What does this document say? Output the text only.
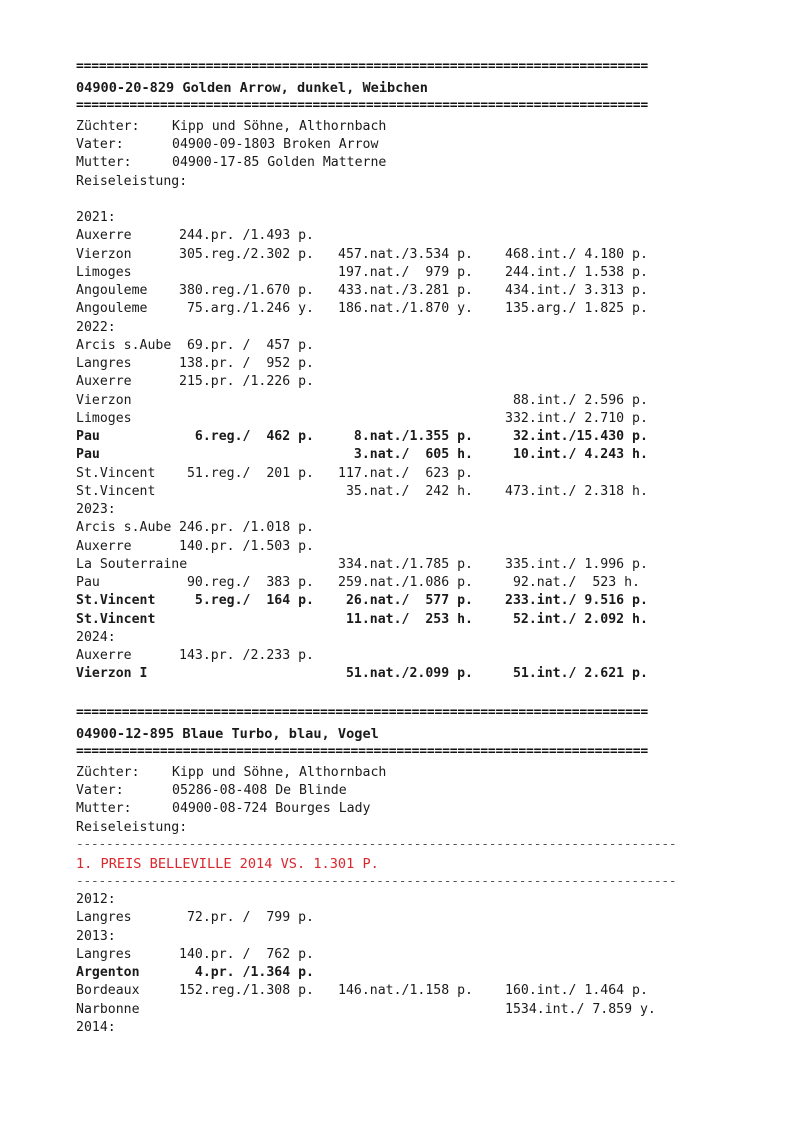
===========================================================================
04900-20-829 Golden Arrow, dunkel, Weibchen
===========================================================================

Züchter:

Kipp und Söhne, Althornbach

Vater:

	04900-09-1803 Broken Arrow

Mutter:

	04900-17-85 Golden Matterne

Reiseleistung:
2021:
Auxerre	244.pr. /1.493 p.
Vierzon	305.reg./2.302 p. 457.nat./3.534 p. 468.int./ 4.180 p.
Limoges	197.nat./  979 p. 244.int./ 1.538 p.
Angouleme 380.reg./1.670 p. 433.nat./3.281 p. 434.int./ 3.313 p.
Angouleme 75.arg./1.246 y. 186.nat./1.870 y. 135.arg./ 1.825 p.
2022:
Arcis s.Aube 69.pr. /  457 p.
Langres	138.pr. /  952 p.
Auxerre	215.pr. /1.226 p.
Vierzon	88.int./ 2.596 p.
Limoges	332.int./ 2.710 p.
Pau	6.reg./  462 p. 8.nat./1.355 p. 32.int./15.430 p.
Pau	3.nat./  605 h. 10.int./ 4.243 h.
St.Vincent 51.reg./  201 p. 117.nat./  623 p.
St.Vincent	35.nat./  242 h. 473.int./ 2.318 h.
2023:
Arcis s.Aube 246.pr. /1.018 p.
Auxerre	140.pr. /1.503 p.
La Souterraine	334.nat./1.785 p. 335.int./ 1.996 p.
Pau	90.reg./  383 p. 259.nat./1.086 p. 92.nat./  523 h.
St.Vincent 5.reg./  164 p. 26.nat./  577 p. 233.int./ 9.516 p.
St.Vincent	11.nat./  253 h. 52.int./ 2.092 h.
2024:
Auxerre	143.pr. /2.233 p.
Vierzon I	51.nat./2.099 p. 51.int./ 2.621 p.
===========================================================================
04900-12-895 Blaue Turbo, blau, Vogel
===========================================================================

Züchter:

Kipp und Söhne, Althornbach

Vater:

	05286-08-408 De Blinde

Mutter:

	04900-08-724 Bourges Lady

Reiseleistung:
--------------------------------------------------------------------------------
1. PREIS BELLEVILLE 2014 VS. 1.301 P.
--------------------------------------------------------------------------------
2012:
Langres	72.pr. /  799 p.
2013:
Langres	140.pr. /  762 p.
Argenton	4.pr. /1.364 p.
Bordeaux	152.reg./1.308 p. 146.nat./1.158 p. 160.int./ 1.464 p.
Narbonne	1534.int./ 7.859 y.
2014:
